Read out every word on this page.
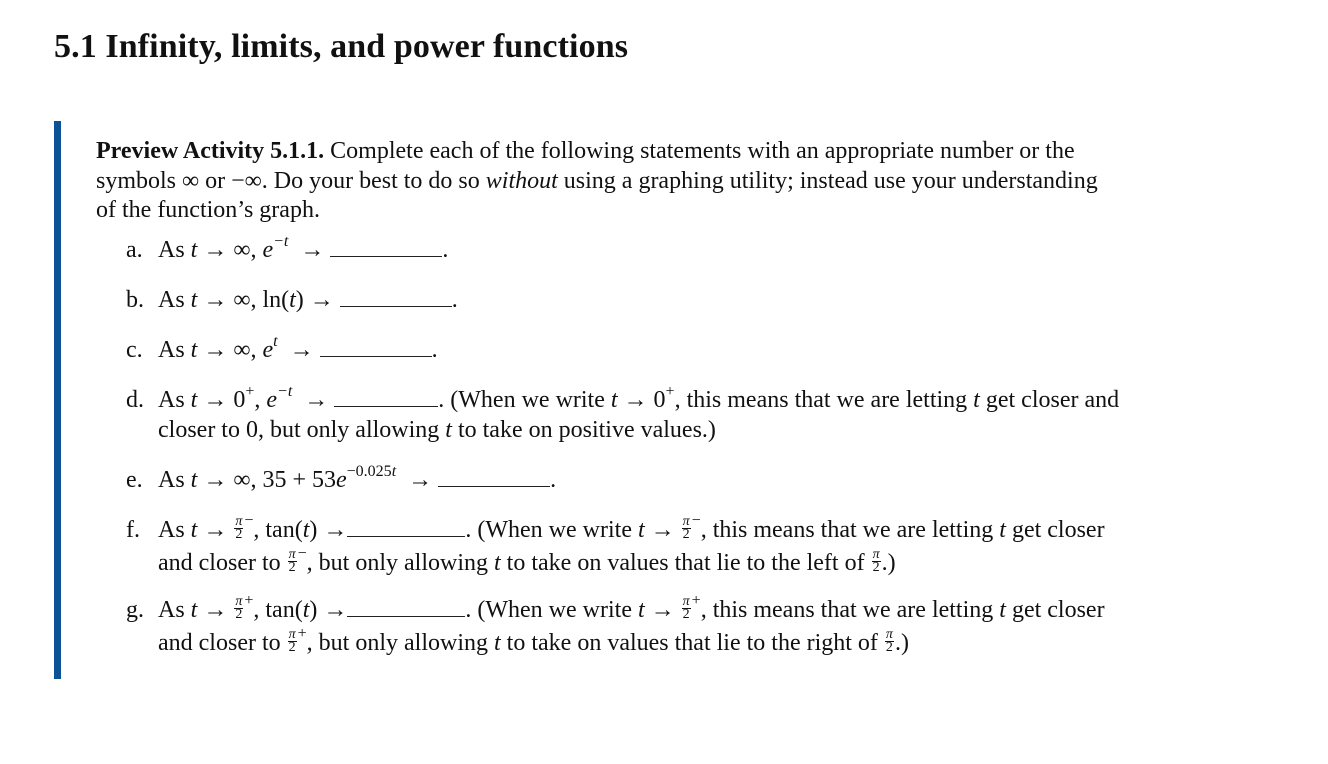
5.1 Infinity, limits, and power functions

Preview Activity 5.1.1. Complete each of the following statements with an appropriate number or the

symbols ∞ or −∞. Do your best to do so without using a graphing utility; instead use your understanding

of the function’s graph.

a. As t → ∞, $e^{-t}$  →	.
b. As t → ∞, ln(t) →	.
c. As t → ∞, $e^t$  →	.
d. As t → 0+, $e^{-t}$  →	. (When we write t → 0+, this means that we are letting t get closer and
closer to 0, but only allowing t to take on positive values.)
e. As t → ∞, $35 + 53e^{-0.025t}$  →	.
f. As $t \to \frac{\pi}{2} ^-$, tan(t) →	. (When we write $t \to \frac{\pi}{2} ^-$, this means that we are letting t get closer
and closer to $\frac{\pi}{2} ^-$, but only allowing t to take on values that lie to the left of $\frac{\pi}{2}$ .)
g. As $t \to \frac{\pi}{2} ^+$, tan(t) →	. (When we write $t \to \frac{\pi}{2} ^+$, this means that we are letting t get closer
and closer to $\frac{\pi}{2} ^+$, but only allowing t to take on values that lie to the right of $\frac{\pi}{2}$ .)
